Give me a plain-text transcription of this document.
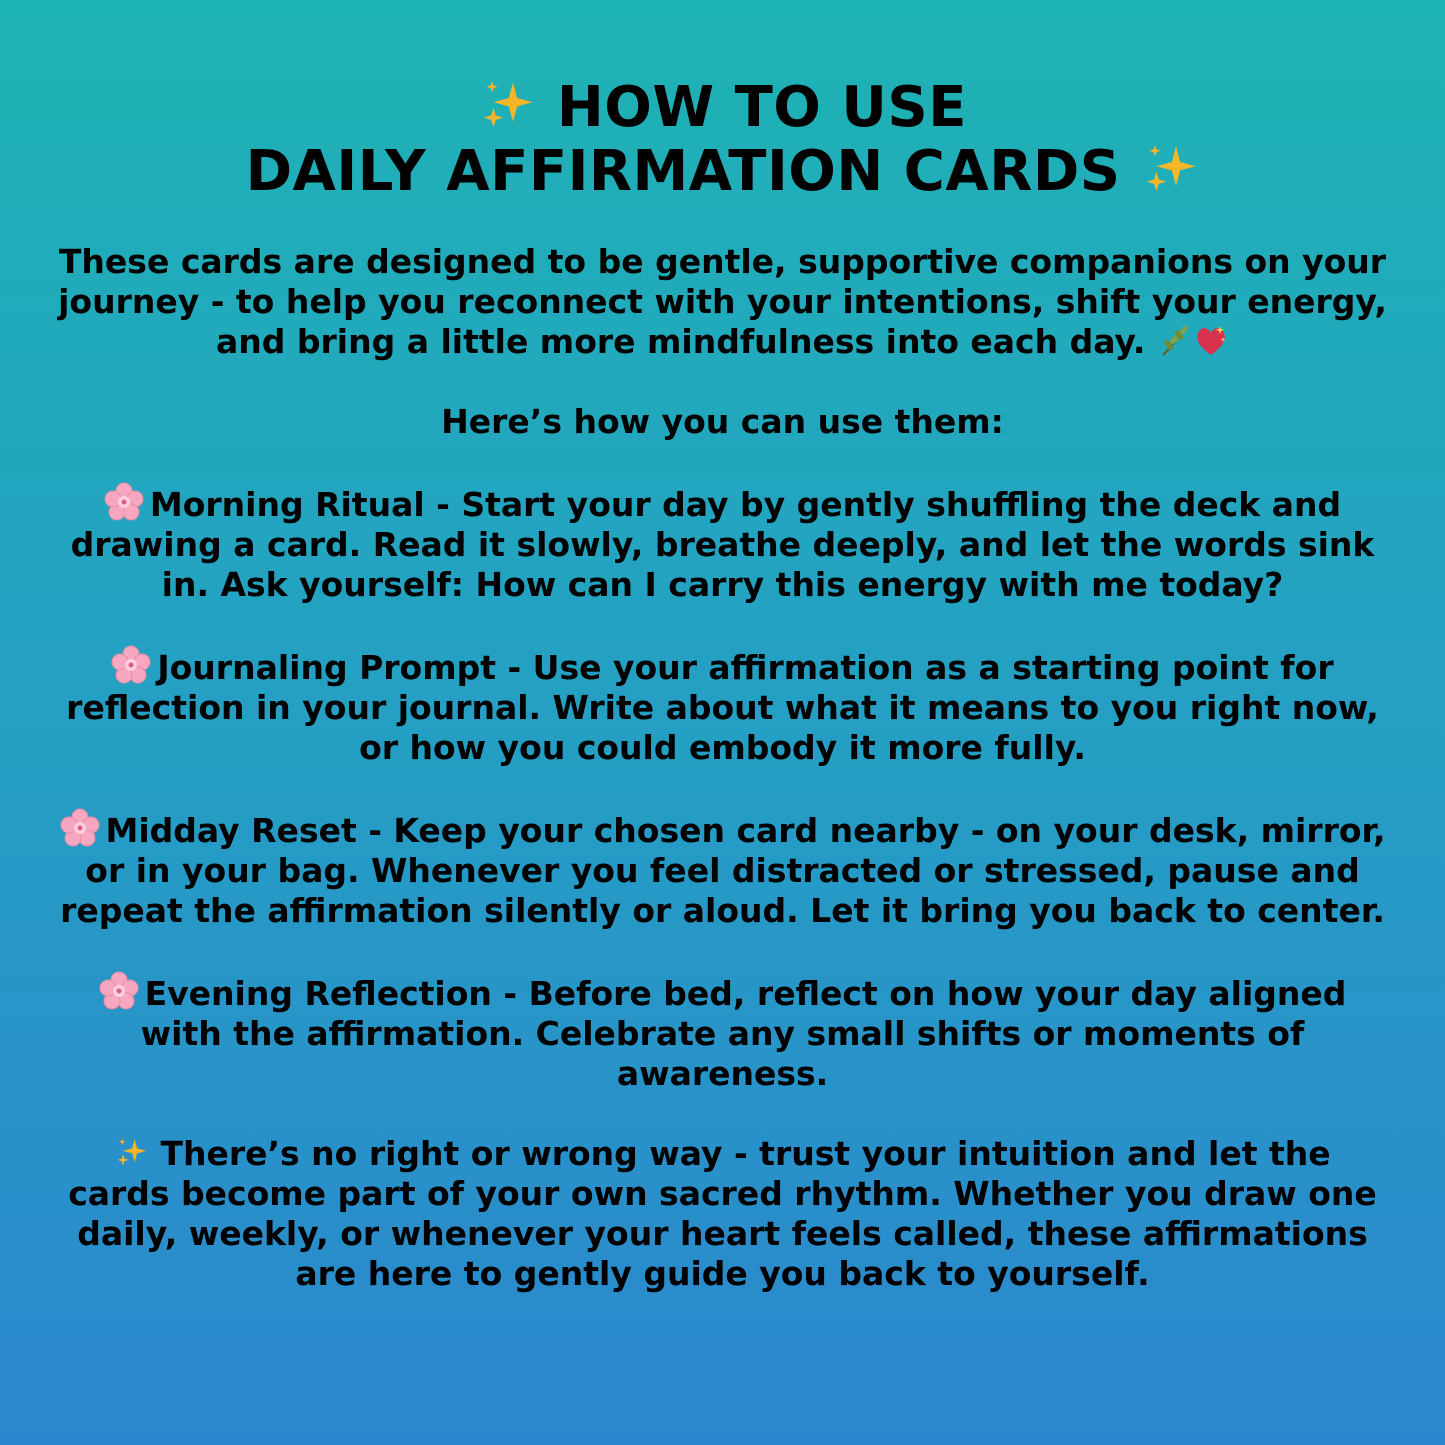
HOW TO USE
DAILY AFFIRMATION CARDS

These cards are designed to be gentle, supportive companions on your journey - to help you reconnect with your intentions, shift your energy, and bring a little more mindfulness into each day.

Here’s how you can use them:

Morning Ritual - Start your day by gently shuffling the deck and drawing a card. Read it slowly, breathe deeply, and let the words sink in. Ask yourself: How can I carry this energy with me today?

Journaling Prompt - Use your affirmation as a starting point for reflection in your journal. Write about what it means to you right now, or how you could embody it more fully.

Midday Reset - Keep your chosen card nearby - on your desk, mirror, or in your bag. Whenever you feel distracted or stressed, pause and repeat the affirmation silently or aloud. Let it bring you back to center.

Evening Reflection - Before bed, reflect on how your day aligned with the affirmation. Celebrate any small shifts or moments of awareness.

There’s no right or wrong way - trust your intuition and let the cards become part of your own sacred rhythm. Whether you draw one daily, weekly, or whenever your heart feels called, these affirmations are here to gently guide you back to yourself.
